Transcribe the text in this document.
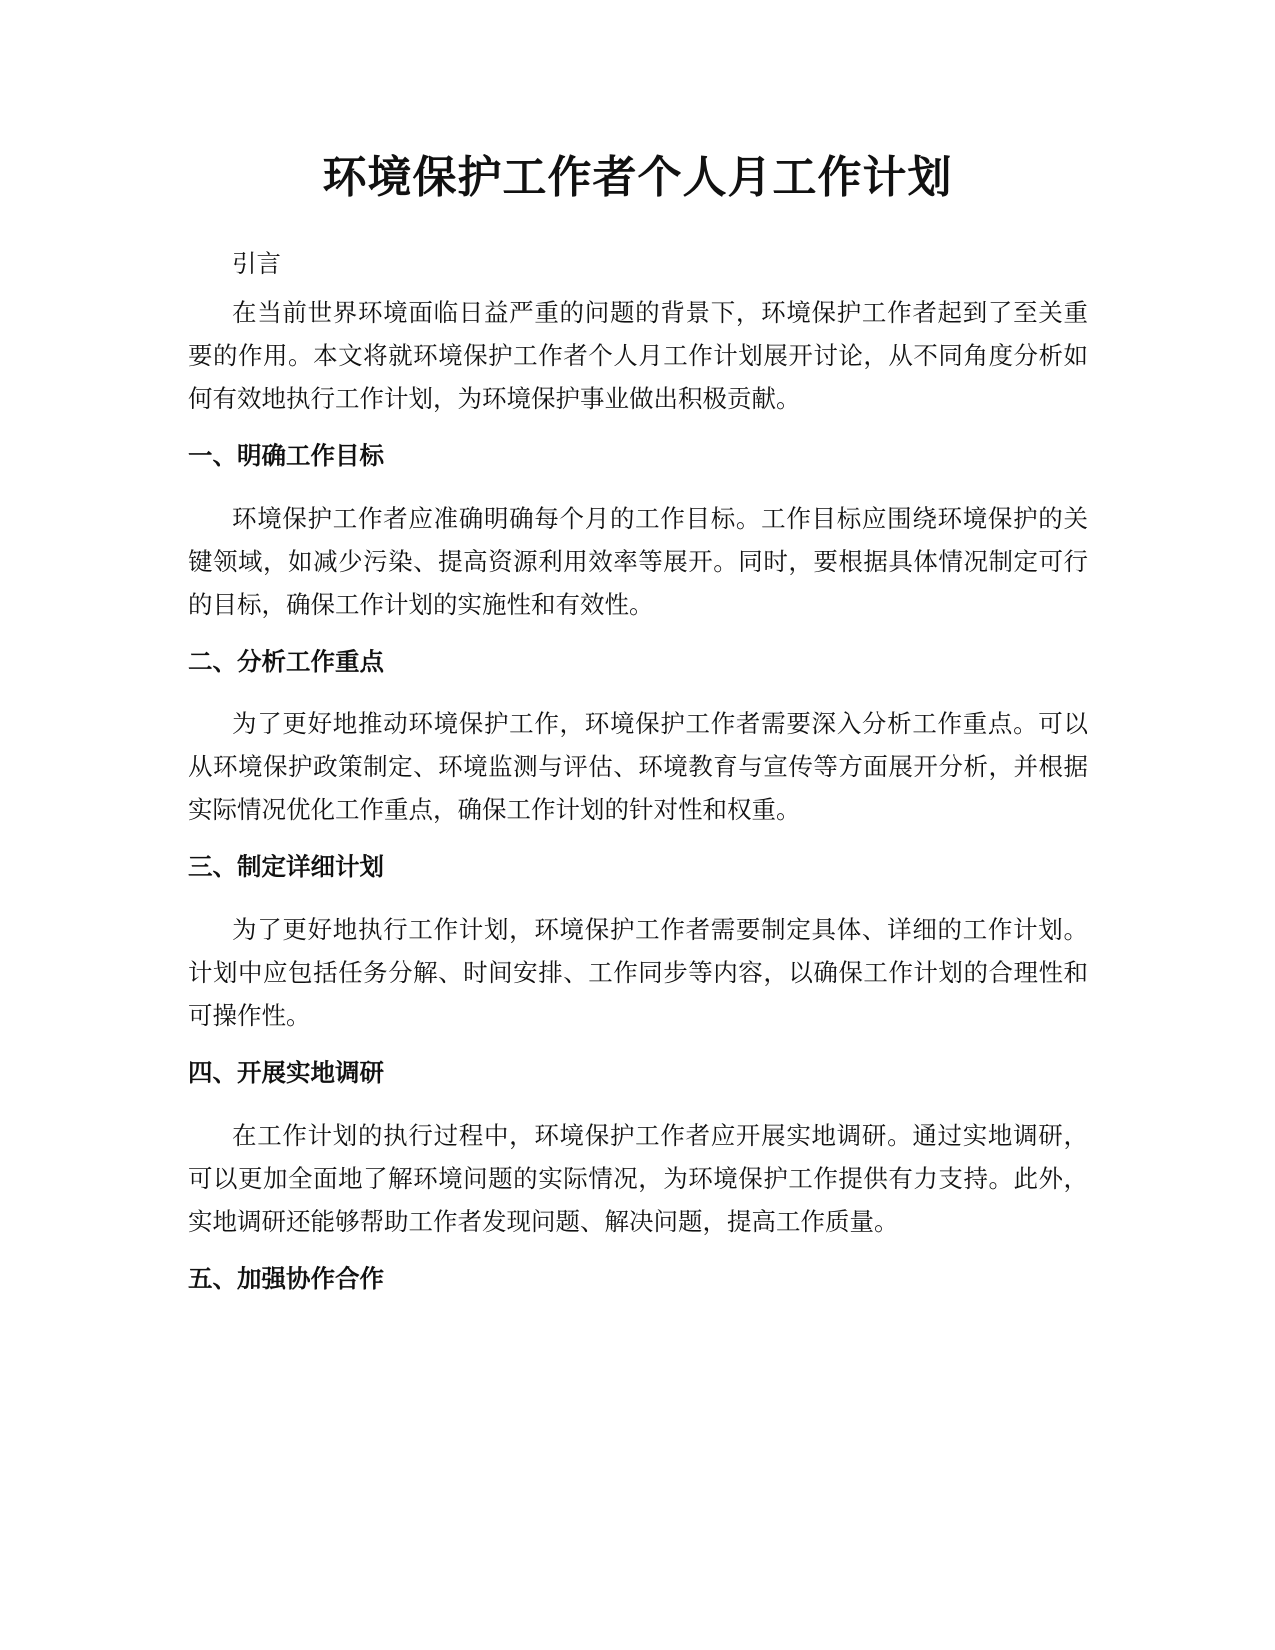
环境保护工作者个人月工作计划

引言

在当前世界环境面临日益严重的问题的背景下，环境保护工作者起到了至关重要的作用。本文将就环境保护工作者个人月工作计划展开讨论，从不同角度分析如何有效地执行工作计划，为环境保护事业做出积极贡献。

一、明确工作目标

环境保护工作者应准确明确每个月的工作目标。工作目标应围绕环境保护的关键领域，如减少污染、提高资源利用效率等展开。同时，要根据具体情况制定可行的目标，确保工作计划的实施性和有效性。

二、分析工作重点

为了更好地推动环境保护工作，环境保护工作者需要深入分析工作重点。可以从环境保护政策制定、环境监测与评估、环境教育与宣传等方面展开分析，并根据实际情况优化工作重点，确保工作计划的针对性和权重。

三、制定详细计划

为了更好地执行工作计划，环境保护工作者需要制定具体、详细的工作计划。计划中应包括任务分解、时间安排、工作同步等内容，以确保工作计划的合理性和可操作性。

四、开展实地调研

在工作计划的执行过程中，环境保护工作者应开展实地调研。通过实地调研，可以更加全面地了解环境问题的实际情况，为环境保护工作提供有力支持。此外，实地调研还能够帮助工作者发现问题、解决问题，提高工作质量。

五、加强协作合作
